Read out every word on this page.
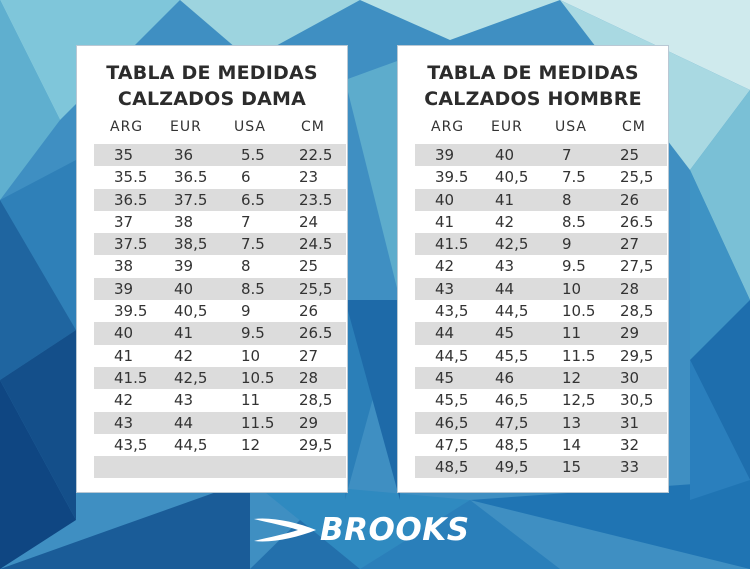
TABLA DE MEDIDAS
CALZADOS DAMA
ARG EUR USA	CM
35	36	5.5 22.5
35.5 36.5 6	23
36.5 37.5 6.5 23.5
37	38	7	24
37.5 38,5 7.5 24.5
38	39	8	25
39	40	8.5 25,5
39.5 40,5 9	26
40	41	9.5 26.5
41	42	10	27
41.5 42,5 10.5 28
42	43	11	28,5
43	44	11.5 29
43,5 44,5 12	29,5
TABLA DE MEDIDAS
CALZADOS HOMBRE
ARG EUR USA	CM
39	40	7	25
39.5 40,5 7.5 25,5
40	41	8	26
41	42	8.5 26.5
41.5 42,5 9	27
42	43	9.5 27,5
43	44	10	28
43,5 44,5 10.5 28,5
44	45	11	29
44,5 45,5 11.5 29,5
45	46	12	30
45,5 46,5 12,5 30,5
46,5 47,5 13	31
47,5 48,5 14	32
48,5 49,5 15	33
BROOKS
